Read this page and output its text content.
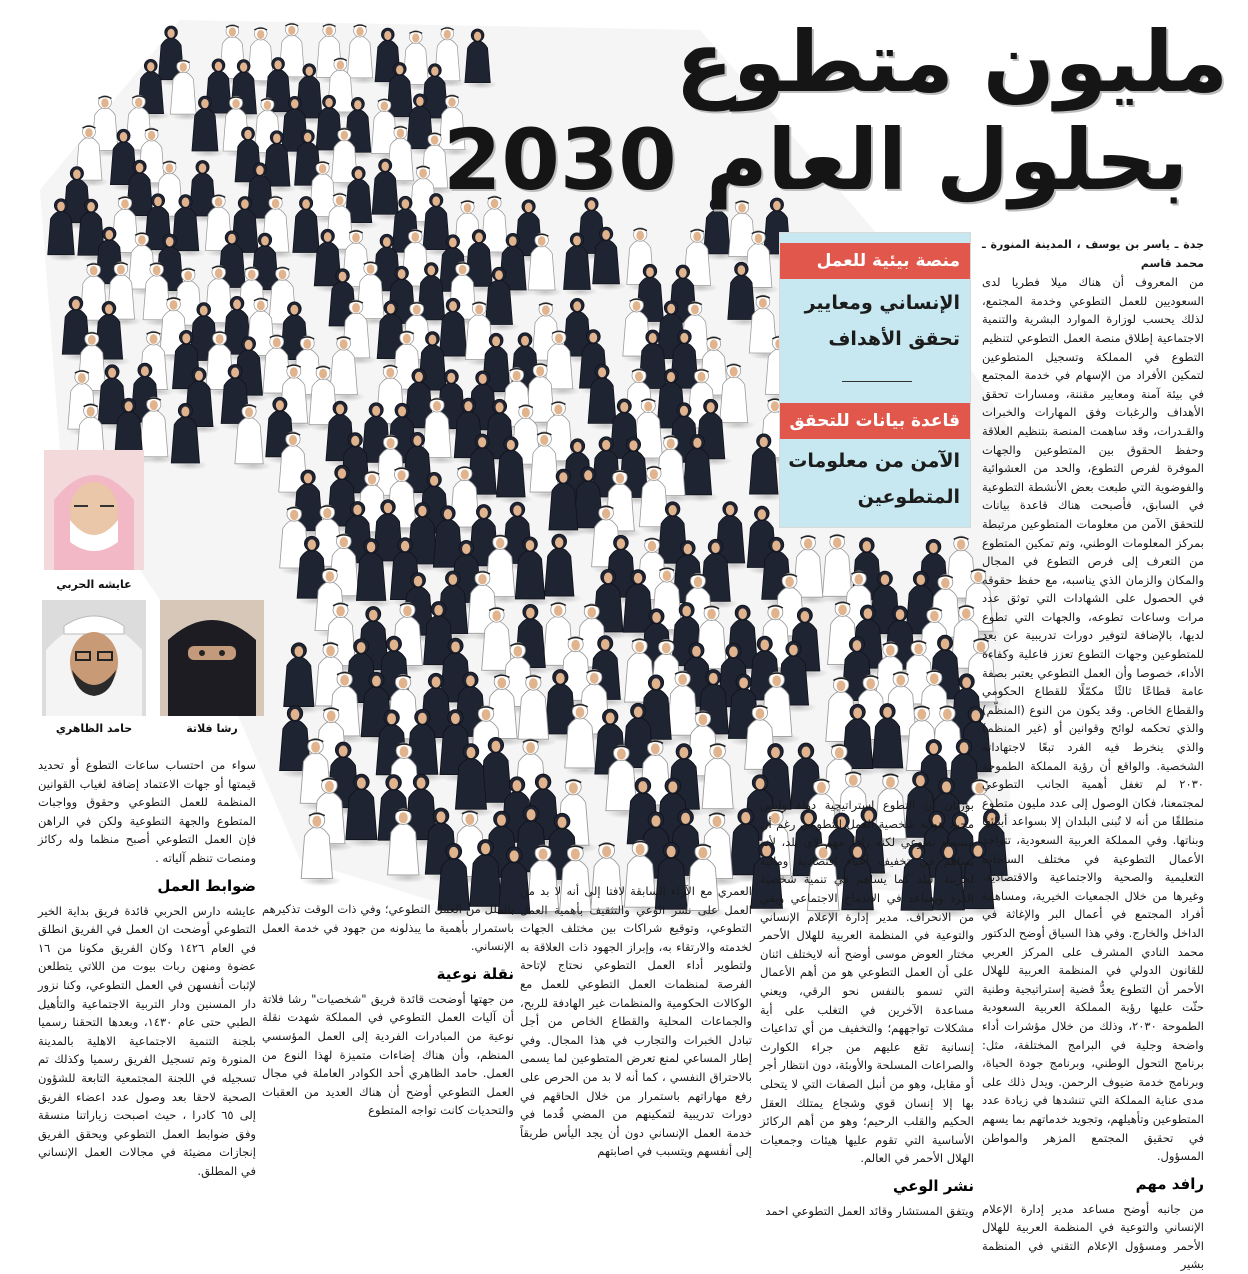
مليون متطوع
بحلول العام 2030
منصة بيئية للعمل
الإنساني ومعايير تحقق الأهداف
قاعدة بيانات للتحقق
الآمن من معلومات المتطوعين
عايشه الحربي
رشا فلاتة
حامد الظاهري

جدة ـ ياسر بن يوسف ، المدينة المنورة ـ محمد قاسم

من المعروف أن هناك ميلا فطريا لدى السعوديين للعمل التطوعي وخدمة المجتمع، لذلك يحسب لوزارة الموارد البشرية والتنمية الاجتماعية إطلاق منصة العمل التطوعي لتنظيم التطوع في المملكة وتسجيل المتطوعين لتمكين الأفراد من الإسهام في خدمة المجتمع في بيئة آمنة ومعايير مقننة، ومسارات تحقق الأهداف والرغبات وفق المهارات والخبرات والقـدرات، وقد ساهمت المنصة بتنظيم العلاقة وحفظ الحقوق بين المتطوعين والجهات الموفرة لفرص التطوع، والحد من العشوائية والفوضوية التي طبعت بعض الأنشطة التطوعية في السابق، فأصبحت هناك قاعدة بيانات للتحقق الآمن من معلومات المتطوعين مرتبطة بمركز المعلومات الوطني، وتم تمكين المتطوع من التعرف إلى فرص التطوع في المجال والمكان والزمان الذي يناسبه، مع حفظ حقوقه في الحصول على الشهادات التي توثق عدد مرات وساعات تطوعه، والجهات التي تطوع لديها، بالإضافة لتوفير دورات تدريبية عن بعد للمتطوعين وجهات التطوع تعزز فاعلية وكفاءة الأداء، خصوصا وأن العمل التطوعي يعتبر بصفة عامة قطاعًا ثالثًا مكمّلًا للقطاع الحكومي والقطاع الخاص. وقد يكون من النوع (المنظّم) والذي تحكمه لوائح وقوانين أو (غير المنظم) والذي ينخرط فيه الفرد تبعًا لاجتهاداته الشخصية. والواقع أن رؤية المملكة الطموحة ٢٠٣٠ لم تغفل أهمية الجانب التطوعي لمجتمعنا، فكان الوصول إلى عدد مليون متطوع منطلقًا من أنه لا تُبنى البلدان إلا بسواعد أبنائها وبناتها. وفي المملكة العربية السعودية، تتواجد الأعمال التطوعية في مختلف الساحات التعليمية والصحية والاجتماعية والاقتصادية، وغيرها من خلال الجمعيات الخيرية، ومساهمة أفراد المجتمع في أعمال البر والإغاثة في الداخل والخارج. وفي هذا السياق أوضح الدكتور محمد النادي المشرف على المركز العربي للقانون الدولي في المنظمة العربية للهلال الأحمر أن التطوع يعدُّ قضية إستراتيجية وطنية حثّت عليها رؤية المملكة العربية السعودية الطموحة ٢٠٣٠، وذلك من خلال مؤشرات أداء واضحة وجلية في البرامج المختلفة، مثل: برنامج التحول الوطني، وبرنامج جودة الحياة، وبرنامج خدمة ضيوف الرحمن. ويدل ذلك على مدى عناية المملكة التي تنشدها في زيادة عدد المتطوعين وتأهيلهم، وتجويد خدماتهم بما يسهم في تحقيق المجتمع المزهر والمواطن المسؤول.

رافد مهم

من جانبه أوضح مساعد مدير إدارة الإعلام الإنساني والتوعية في المنظمة العربية للهلال الأحمر ومسؤول الإعلام التقني في المنظمة بشير

بوزيان أن التطوع استراتيجية دولة وليس مجرد هواية شخصية العمل التطوعي رغم أن مسماه تطوعي لكنه رافد مهم لاي بلد، لأنه يساهم في تخفيف أعباء اقتصادية ومالية لخزينة البلد كما يساهم في تنمية شخصية الفرد ويساعد في الاندماج الاجتماعي ويقي من الانحراف. مدير إدارة الإعلام الإنساني والتوعية في المنظمة العربية للهلال الأحمر مختار العوض موسى أوضح أنه لايختلف اثنان على أن العمل التطوعي هو من أهم الأعمال التي تسمو بالنفس نحو الرقي، ويعني مساعدة الآخرين في التغلب على أية مشكلات تواجههم؛ والتخفيف من أي تداعيات إنسانية تقع عليهم من جراء الكوارث والصراعات المسلحة والأوبئة، دون انتظار أجر أو مقابل، وهو من أنبل الصفات التي لا يتحلى بها إلا إنسان قوي وشجاع يمتلك العقل الحكيم والقلب الرحيم؛ وهو من أهم الركائز الأساسية التي تقوم عليها هيئات وجمعيات الهلال الأحمر في العالم.

نشر الوعي

ويتفق المستشار وقائد العمل التطوعي احمد

العمري مع الآراء السابقة لافتا إلى أنه لا بد من العمل على نشر الوعي والتثقيف بأهمية العمل التطوعي، وتوقيع شراكات بين مختلف الجهات لخدمته والارتقاء به، وإبراز الجهود ذات العلاقة به ولتطوير أداء العمل التطوعي نحتاج لإتاحة الفرصة لمنظمات العمل التطوعي للعمل مع الوكالات الحكومية والمنظمات غير الهادفة للربح، والجماعات المحلية والقطاع الخاص من أجل تبادل الخبرات والتجارب في هذا المجال. وفي إطار المساعي لمنع تعرض المتطوعين لما يسمى بالاحتراق النفسي ، كما أنه لا بد من الحرص على رفع مهاراتهم باستمرار من خلال الحاقهم في دورات تدريبية لتمكينهم من المضي قُدما في خدمة العمل الإنساني دون أن يجد اليأس طريقاً إلى أنفسهم ويتسبب في اصابتهم

بالملل من العمل التطوعي؛ وفي ذات الوقت تذكيرهم باستمرار بأهمية ما يبذلونه من جهود في خدمة العمل الإنساني.

نقلة نوعية

من جهتها أوضحت قائدة فريق "شخصيات" رشا فلاتة أن آليات العمل التطوعي في المملكة شهدت نقلة نوعية من المبادرات الفردية إلى العمل المؤسسي المنظم، وأن هناك إضاءات متميزة لهذا النوع من العمل. حامد الظاهري أحد الكوادر العاملة في مجال العمل التطوعي أوضح أن هناك العديد من العقبات والتحديات كانت تواجه المتطوع

سواء من احتساب ساعات التطوع أو تحديد قيمتها أو جهات الاعتماد إضافة لغياب القوانين المنظمة للعمل التطوعي وحقوق وواجبات المتطوع والجهة التطوعية ولكن في الراهن فإن العمل التطوعي أصبح منظما وله ركائز ومنصات تنظم آلياته .

ضوابط العمل

عايشه دارس الحربي قائدة فريق بداية الخير التطوعي أوضحت ان العمل في الفريق انطلق في العام ١٤٢٦ وكان الفريق مكونا من ١٦ عضوة ومنهن ربات بيوت من اللاتي يتطلعن لإثبات أنفسهن في العمل التطوعي، وكنا نزور دار المسنين ودار التربية الاجتماعية والتأهيل الطبي حتى عام ١٤٣٠، وبعدها التحقنا رسميا بلجنة التنمية الاجتماعية الاهلية بالمدينة المنورة وتم تسجيل الفريق رسميا وكذلك تم تسجيله في اللجنة المجتمعية التابعة للشؤون الصحية لاحقا بعد وصول عدد اعضاء الفريق إلى ٦٥ كادرا ، حيث اصبحت زياراتنا منسقة وفق ضوابط العمل التطوعي ويحقق الفريق إنجازات مضيئة في مجالات العمل الإنساني في المطلق.
